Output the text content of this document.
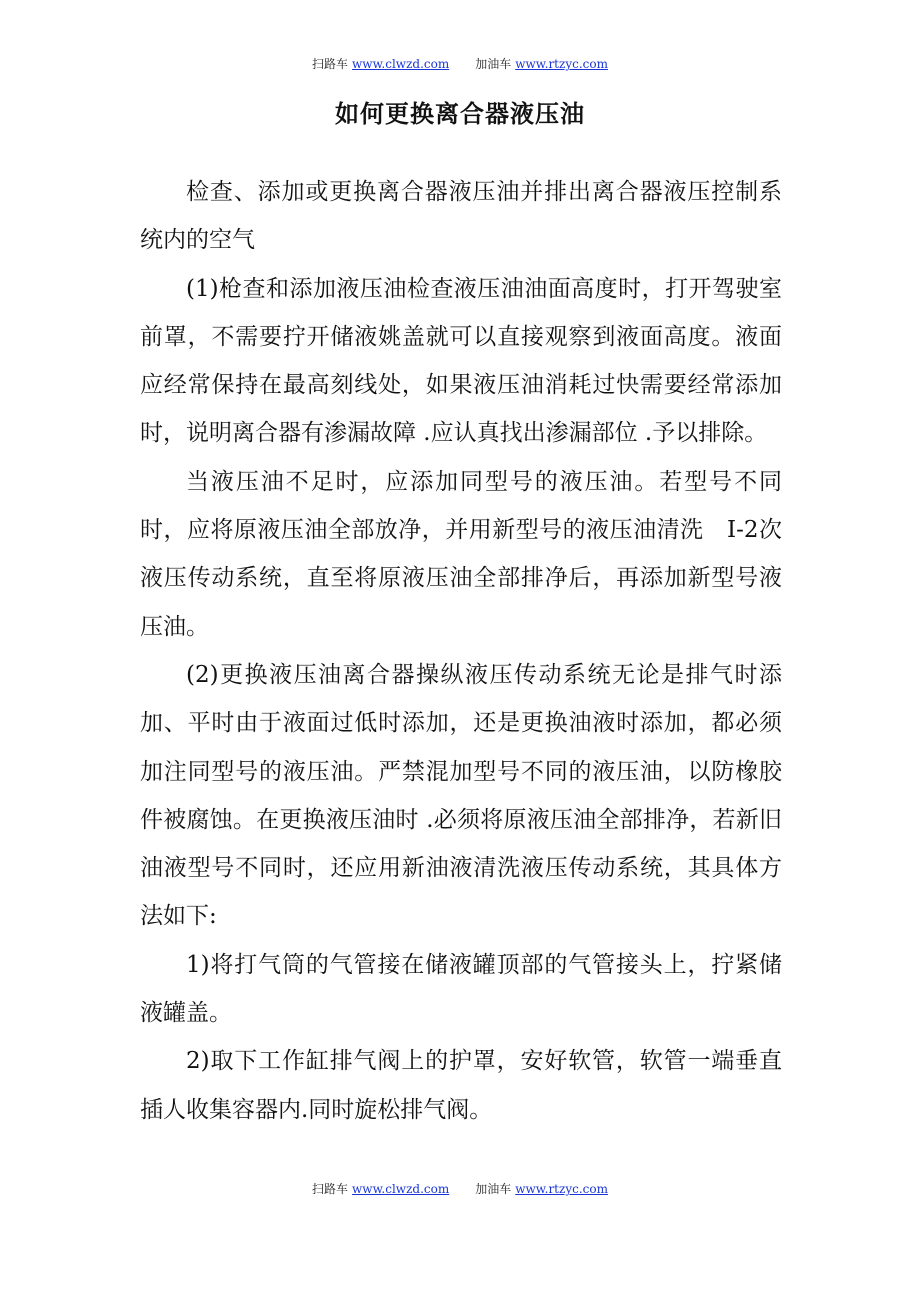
扫路车 www.clwzd.com 加油车 www.rtzyc.com
如何更换离合器液压油

检查、添加或更换离合器液压油并排出离合器液压控制系统内的空气

(1)枪查和添加液压油检查液压油油面高度时，打开驾驶室前罩，不需要拧开储液姚盖就可以直接观察到液面高度。液面应经常保持在最高刻线处，如果液压油消耗过快需要经常添加时，说明离合器有渗漏故障 .应认真找出渗漏部位 .予以排除。

当液压油不足时，应添加同型号的液压油。若型号不同时，应将原液压油全部放净，并用新型号的液压油清洗　I-2次液压传动系统，直至将原液压油全部排净后，再添加新型号液压油。

(2)更换液压油离合器操纵液压传动系统无论是排气时添加、平时由于液面过低时添加，还是更换油液时添加，都必须加注同型号的液压油。严禁混加型号不同的液压油，以防橡胶件被腐蚀。在更换液压油时 .必须将原液压油全部排净，若新旧油液型号不同时，还应用新油液清洗液压传动系统，其具体方法如下:

1)将打气筒的气管接在储液罐顶部的气管接头上，拧紧储液罐盖。

2)取下工作缸排气阀上的护罩，安好软管，软管一端垂直插人收集容器内.同时旋松排气阀。

扫路车 www.clwzd.com 加油车 www.rtzyc.com
